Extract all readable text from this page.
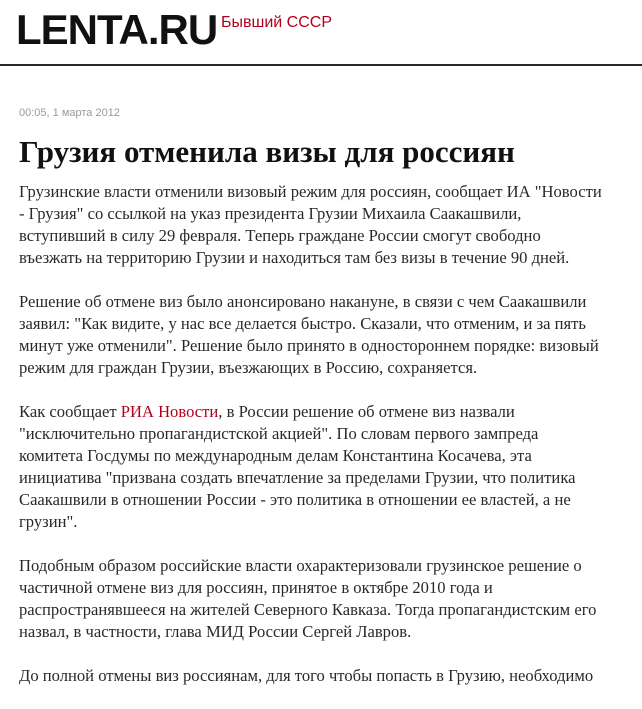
LENTA.RU Бывший СССР
00:05, 1 марта 2012
Грузия отменила визы для россиян

Грузинские власти отменили визовый режим для россиян, сообщает ИА "Новости
- Грузия" со ссылкой на указ президента Грузии Михаила Саакашвили,
вступивший в силу 29 февраля. Теперь граждане России смогут свободно
въезжать на территорию Грузии и находиться там без визы в течение 90 дней.

Решение об отмене виз было анонсировано накануне, в связи с чем Саакашвили
заявил: "Как видите, у нас все делается быстро. Сказали, что отменим, и за пять
минут уже отменили". Решение было принято в одностороннем порядке: визовый
режим для граждан Грузии, въезжающих в Россию, сохраняется.

Как сообщает РИА Новости, в России решение об отмене виз назвали
"исключительно пропагандистской акцией". По словам первого зампреда
комитета Госдумы по международным делам Константина Косачева, эта
инициатива "призвана создать впечатление за пределами Грузии, что политика
Саакашвили в отношении России - это политика в отношении ее властей, а не
грузин".

Подобным образом российские власти охарактеризовали грузинское решение о
частичной отмене виз для россиян, принятое в октябре 2010 года и
распространявшееся на жителей Северного Кавказа. Тогда пропагандистским его
назвал, в частности, глава МИД России Сергей Лавров.

До полной отмены виз россиянам, для того чтобы попасть в Грузию, необходимо
